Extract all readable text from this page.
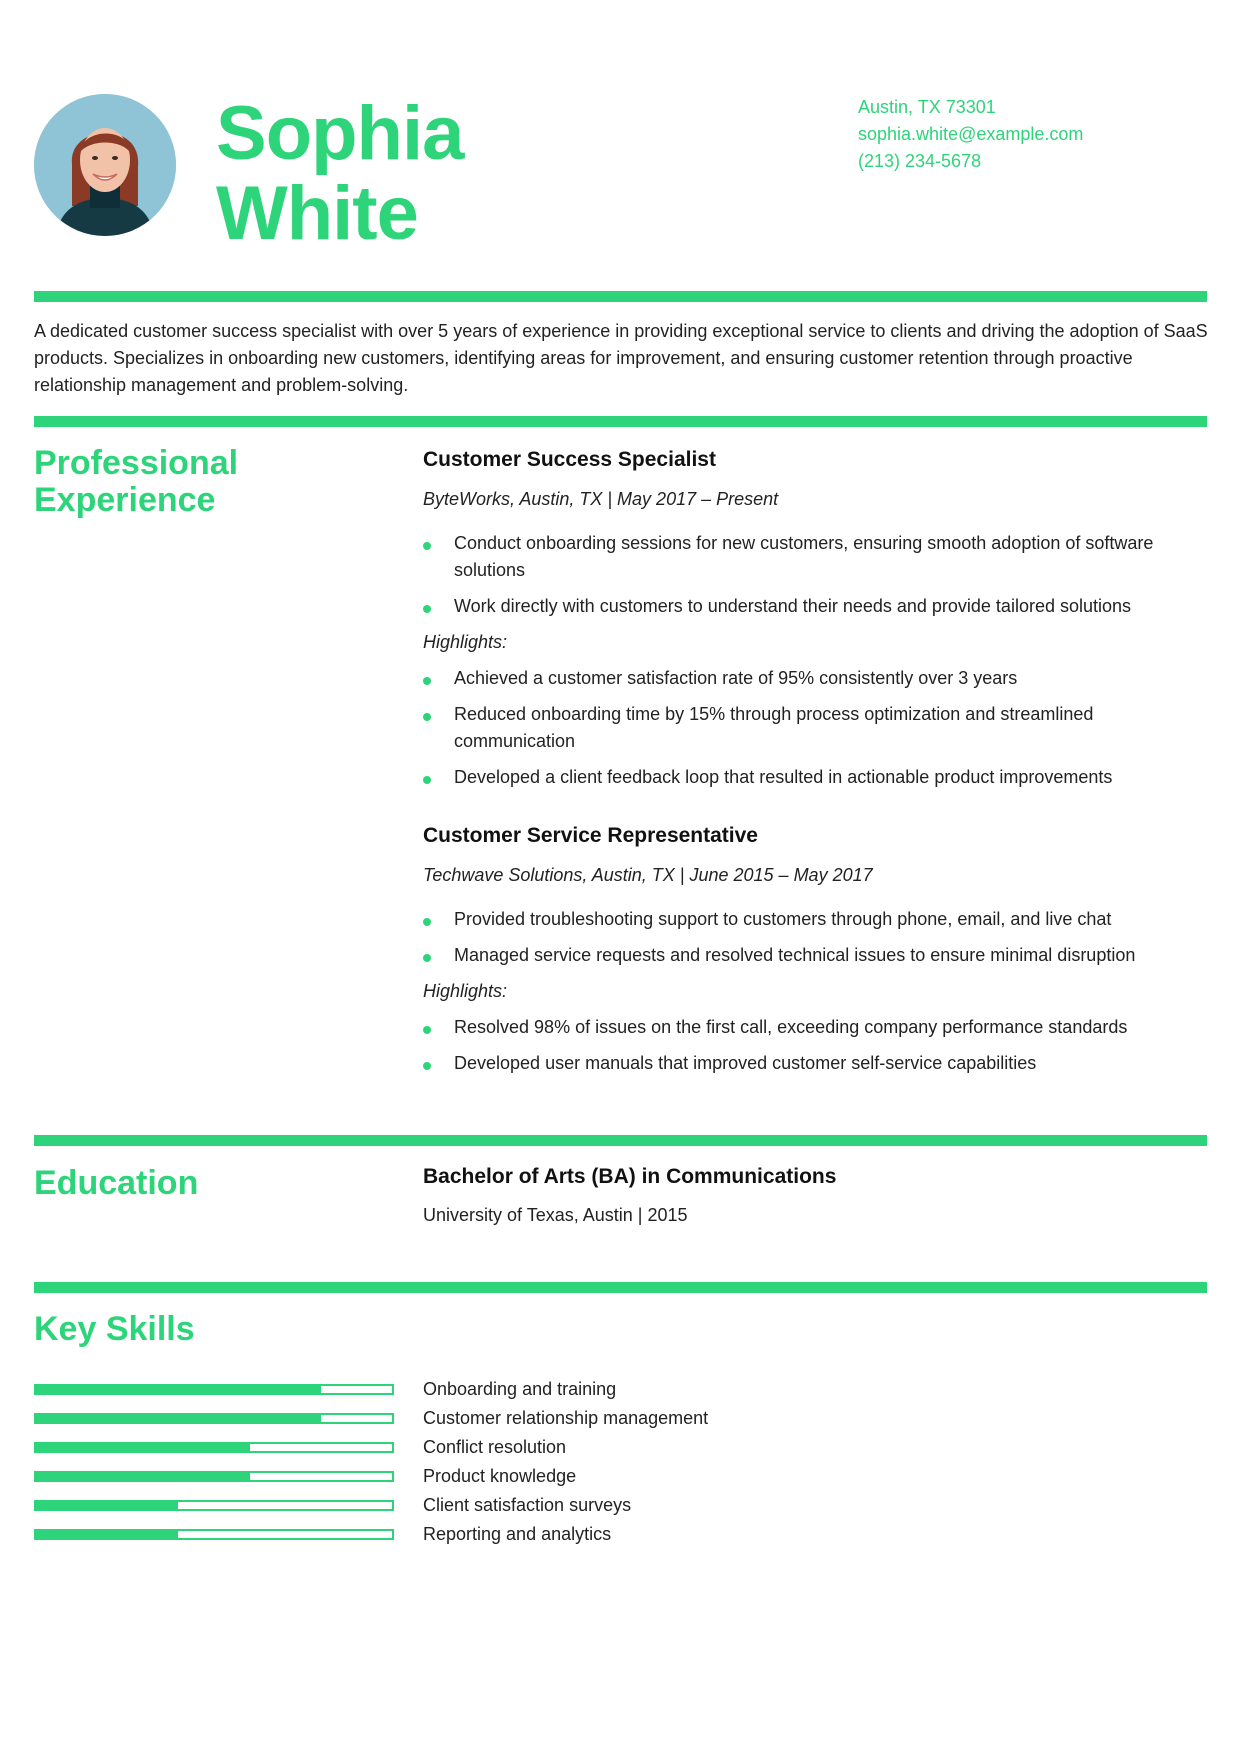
Sophia
White
Austin, TX 73301
sophia.white@example.com
(213) 234-5678
A dedicated customer success specialist with over 5 years of experience in providing exceptional service to clients and driving the adoption of SaaS products. Specializes in onboarding new customers, identifying areas for improvement, and ensuring customer retention through proactive relationship management and problem-solving.
Professional Experience
Customer Success Specialist
ByteWorks, Austin, TX | May 2017 – Present
Conduct onboarding sessions for new customers, ensuring smooth adoption of software solutions
Work directly with customers to understand their needs and provide tailored solutions
Highlights:
Achieved a customer satisfaction rate of 95% consistently over 3 years
Reduced onboarding time by 15% through process optimization and streamlined communication
Developed a client feedback loop that resulted in actionable product improvements
Customer Service Representative
Techwave Solutions, Austin, TX | June 2015 – May 2017
Provided troubleshooting support to customers through phone, email, and live chat
Managed service requests and resolved technical issues to ensure minimal disruption
Highlights:
Resolved 98% of issues on the first call, exceeding company performance standards
Developed user manuals that improved customer self-service capabilities
Education	Bachelor of Arts (BA) in Communications
University of Texas, Austin | 2015
Key Skills
Onboarding and training
Customer relationship management
Conflict resolution
Product knowledge
Client satisfaction surveys
Reporting and analytics
